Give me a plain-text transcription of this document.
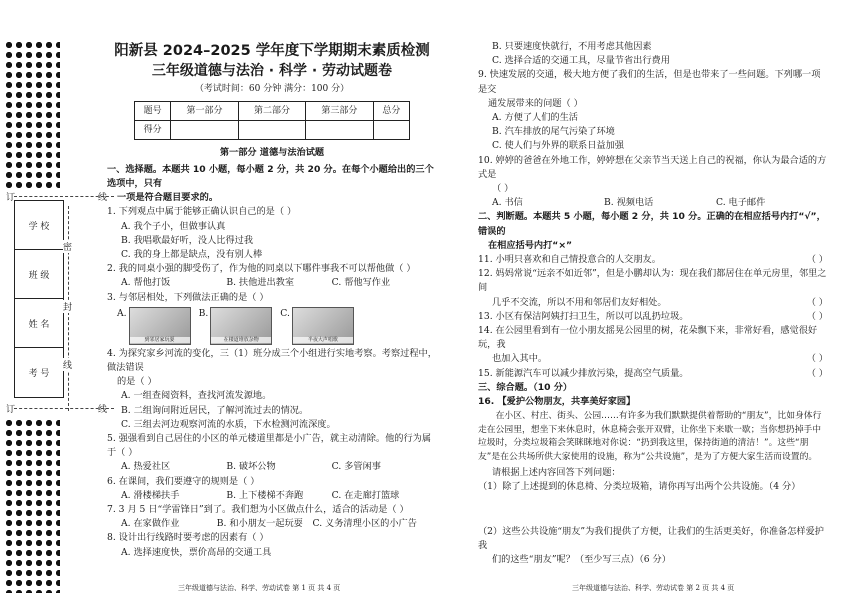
订	线
学 校
班 级
姓 名
考 号
订	线
密
封
线
阳新县 2024–2025 学年度下学期期末素质检测
三年级道德与法治 · 科学 · 劳动试题卷
（考试时间：60 分钟 满分：100 分）
题号	第一部分	第二部分	第三部分	总分
得分				
第一部分 道德与法治试题
一、选择题。本题共 10 小题，每小题 2 分，共 20 分。在每个小题给出的三个选项中，只有
一项是符合题目要求的。
1. 下列观点中属于能够正确认识自己的是（ ）
A. 我个子小，但做事认真
B. 我唱歌最好听，没人比得过我
C. 我的身上都是缺点，没有别人棒
2. 我的同桌小强的脚受伤了，作为他的同桌以下哪件事我不可以帮他做（ ）
A. 帮他打饭	B. 扶他进出教室	C. 帮他写作业
3. 与邻居相处，下列做法正确的是（ ）
A.
到邻居家玩耍
B.
在楼道堆放杂物
C.
半夜大声唱歌
4. 为探究家乡河流的变化，三（1）班分成三个小组进行实地考察。考察过程中，做法错误
的是（ ）
A. 一组查阅资料，查找河流发源地。
B. 二组询问附近居民，了解河流过去的情况。
C. 三组去河边观察河流的水质，下水检测河流深度。
5. 强强看到自己居住的小区的单元楼道里都是小广告，就主动清除。他的行为属于（ ）
A. 热爱社区	B. 破坏公物	C. 多管闲事
6. 在课间，我们要遵守的规则是（ ）
A. 滑楼梯扶手	B. 上下楼梯不奔跑	C. 在走廊打篮球
7. 3 月 5 日“学雷锋日”到了。我们想为小区做点什么，适合的活动是（ ）
A. 在家做作业	B. 和小朋友一起玩耍	C. 义务清理小区的小广告
8. 设计出行线路时要考虑的因素有（ ）
A. 选择速度快，票价高昂的交通工具
三年级道德与法治、科学、劳动试卷 第 1 页 共 4 页
B. 只要速度快就行，不用考虑其他因素
C. 选择合适的交通工具，尽量节省出行费用
9. 快速发展的交通，极大地方便了我们的生活，但是也带来了一些问题。下列哪一项是交
通发展带来的问题（ ）
A. 方便了人们的生活
B. 汽车排放的尾气污染了环境
C. 使人们与外界的联系日益加强
10. 婷婷的爸爸在外地工作，婷婷想在父亲节当天送上自己的祝福，你认为最合适的方式是
（ ）
A. 书信	B. 视频电话	C. 电子邮件
二、判断题。本题共 5 小题，每小题 2 分，共 10 分。正确的在相应括号内打“√”，错误的
在相应括号内打“×”
11. 小明只喜欢和自己情投意合的人交朋友。	（ ）
12. 妈妈常说“远亲不如近邻”，但是小鹏却认为：现在我们都居住在单元房里，邻里之间
几乎不交流，所以不用和邻居们友好相处。	（ ）
13. 小区有保洁阿姨打扫卫生，所以可以乱扔垃圾。	（ ）
14. 在公园里看到有一位小朋友摇晃公园里的树，花朵飘下来，非常好看，感觉很好玩，我
也加入其中。	（ ）
15. 新能源汽车可以减少排放污染，提高空气质量。	（ ）
三、综合题。（10 分）
16. 【爱护公物朋友，共享美好家园】
在小区、村庄、街头、公园……有许多为我们默默提供着帮助的“朋友”，比如身体行走在公园里，想坐下来休息时，休息椅会张开双臂，让你坐下来歇一歇；当你想扔掉手中垃圾时，分类垃圾箱会笑眯眯地对你说：“扔到我这里，保持街道的清洁！”。这些“朋友”是在公共场所供大家使用的设施，称为“公共设施”，是为了方便大家生活而设置的。
请根据上述内容回答下列问题：
（1）除了上述提到的休息椅、分类垃圾箱，请你再写出两个公共设施。（4 分）
（2）这些公共设施“朋友”为我们提供了方便，让我们的生活更美好，你准备怎样爱护我
们的这些“朋友”呢？（至少写三点）（6 分）
三年级道德与法治、科学、劳动试卷 第 2 页 共 4 页
